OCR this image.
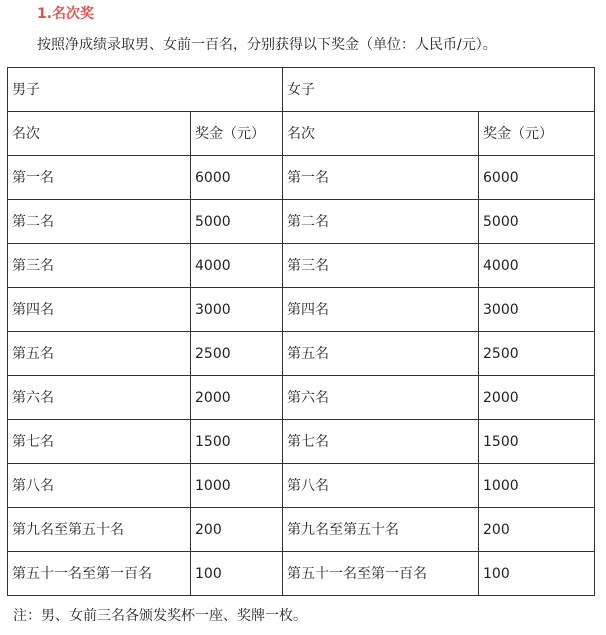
1.名次奖
按照净成绩录取男、女前一百名，分别获得以下奖金（单位：人民币/元）。
男子		女子	
名次	奖金（元）	名次	奖金（元）
第一名	6000	第一名	6000
第二名	5000	第二名	5000
第三名	4000	第三名	4000
第四名	3000	第四名	3000
第五名	2500	第五名	2500
第六名	2000	第六名	2000
第七名	1500	第七名	1500
第八名	1000	第八名	1000
第九名至第五十名	200	第九名至第五十名	200
第五十一名至第一百名	100	第五十一名至第一百名	100
注：男、女前三名各颁发奖杯一座、奖牌一枚。
